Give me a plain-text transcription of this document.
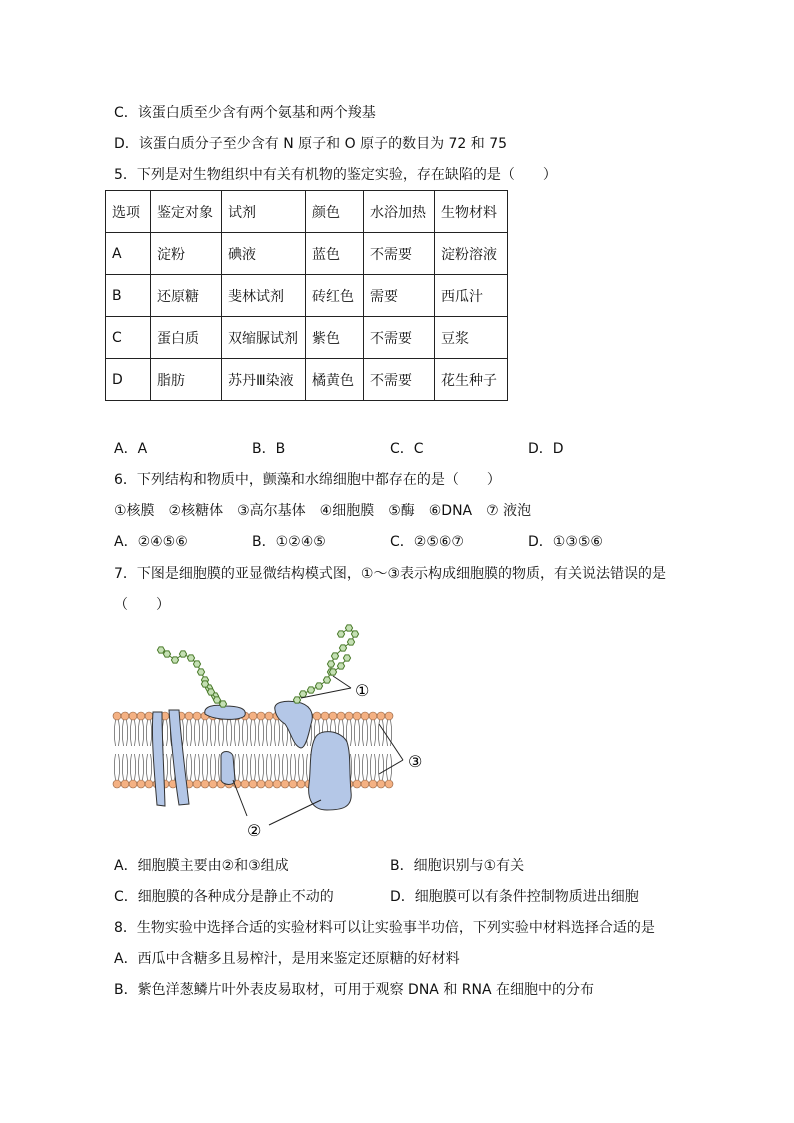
C．该蛋白质至少含有两个氨基和两个羧基
D．该蛋白质分子至少含有 N 原子和 O 原子的数目为 72 和 75
5．下列是对生物组织中有关有机物的鉴定实验，存在缺陷的是（　　）
选项	鉴定对象	试剂	颜色	水浴加热	生物材料
A	淀粉	碘液	蓝色	不需要	淀粉溶液
B	还原糖	斐林试剂	砖红色	需要	西瓜汁
C	蛋白质	双缩脲试剂	紫色	不需要	豆浆
D	脂肪	苏丹Ⅲ染液	橘黄色	不需要	花生种子
A．A	B．B	C．C	D．D
6．下列结构和物质中，颤藻和水绵细胞中都存在的是（　　）
①核膜　②核糖体　③高尔基体　④细胞膜　⑤酶　⑥DNA　⑦ 液泡
A．②④⑤⑥	B．①②④⑤	C．②⑤⑥⑦	D．①③⑤⑥
7．下图是细胞膜的亚显微结构模式图，①～③表示构成细胞膜的物质，有关说法错误的是
（　　）
①
③
②
A．细胞膜主要由②和③组成	B．细胞识别与①有关
C．细胞膜的各种成分是静止不动的	D．细胞膜可以有条件控制物质进出细胞
8．生物实验中选择合适的实验材料可以让实验事半功倍，下列实验中材料选择合适的是
A．西瓜中含糖多且易榨汁，是用来鉴定还原糖的好材料
B．紫色洋葱鳞片叶外表皮易取材，可用于观察 DNA 和 RNA 在细胞中的分布
